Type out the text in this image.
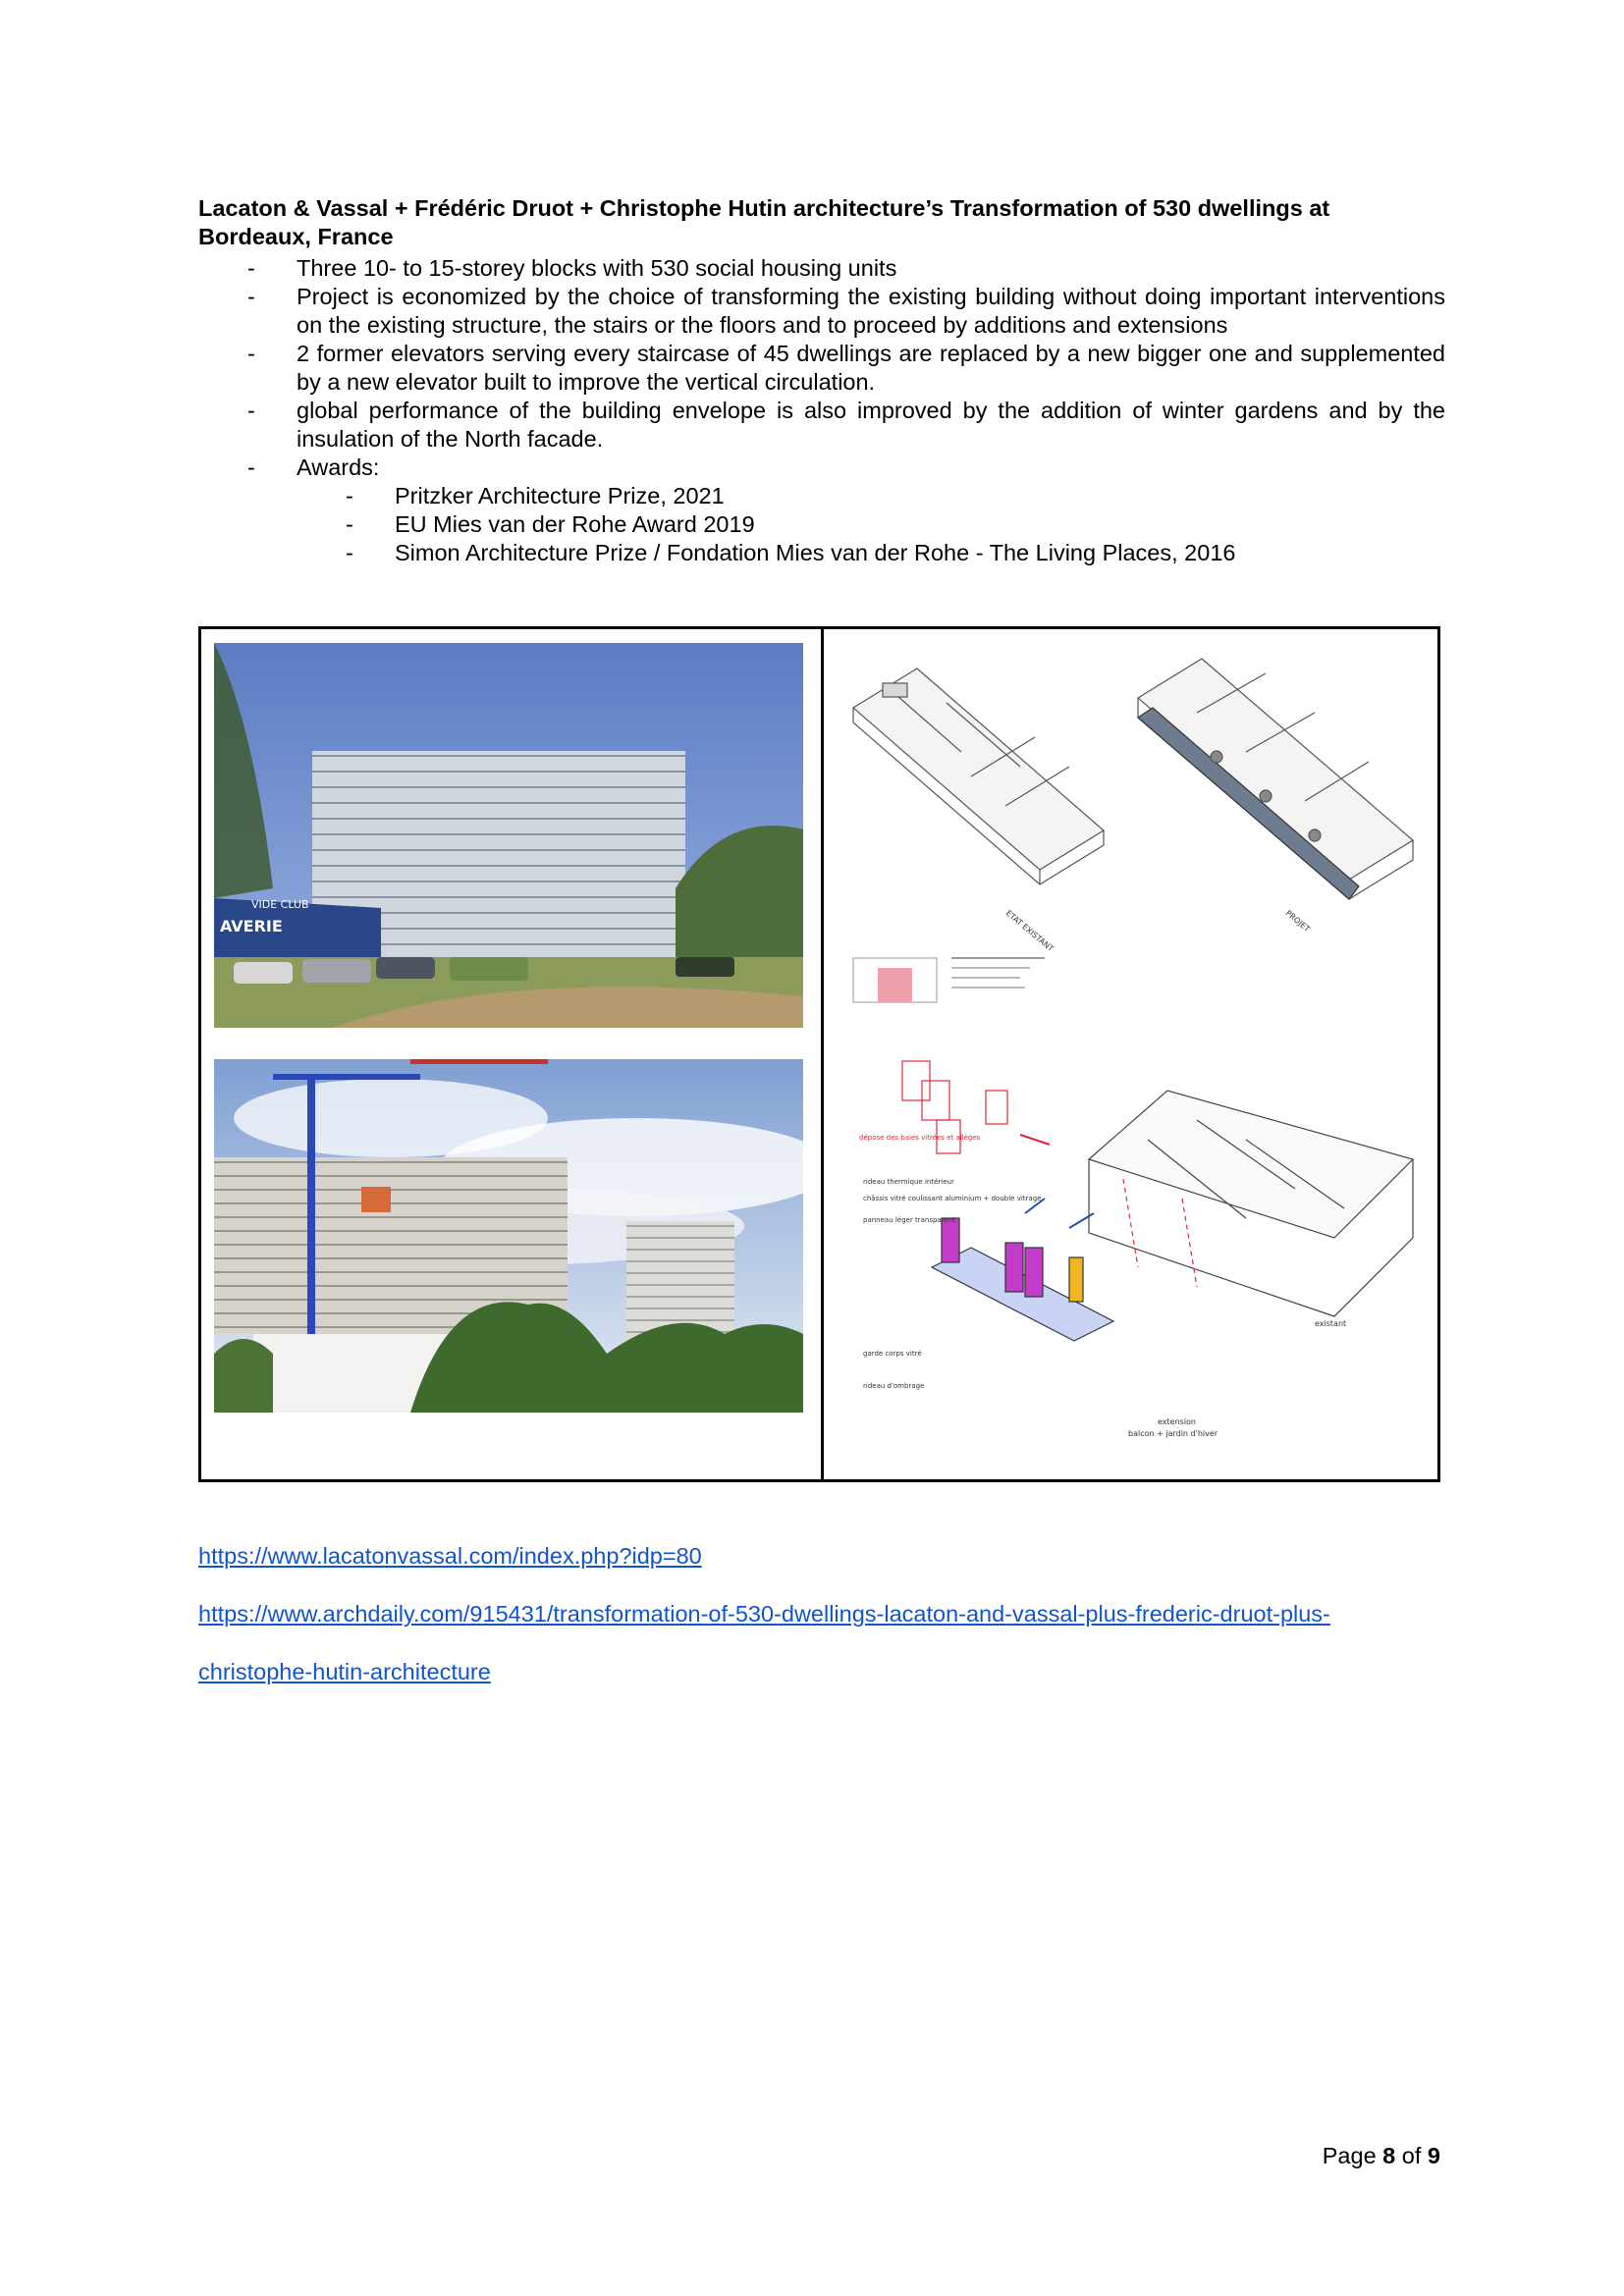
Lacaton & Vassal + Frédéric Druot + Christophe Hutin architecture’s Transformation of 530 dwellings at Bordeaux, France
- Three 10- to 15-storey blocks with 530 social housing units
- Project is economized by the choice of transforming the existing building without doing important interventions on the existing structure, the stairs or the floors and to proceed by additions and extensions
- 2 former elevators serving every staircase of 45 dwellings are replaced by a new bigger one and supplemented by a new elevator built to improve the vertical circulation.
- global performance of the building envelope is also improved by the addition of winter gardens and by the insulation of the North facade.
- Awards:
- Pritzker Architecture Prize, 2021
- EU Mies van der Rohe Award 2019
- Simon Architecture Prize / Fondation Mies van der Rohe - The Living Places, 2016
VIDE CLUB
AVERIE	ETAT EXISTANT	PROJET
dépose des baies vitrées et allèges
rideau thermique intérieur
châssis vitré coulissant aluminium + double vitrage
panneau léger transparent
garde corps vitré
rideau d'ombrage
existant
extension
balcon + jardin d'hiver
https://www.lacatonvassal.com/index.php?idp=80
https://www.archdaily.com/915431/transformation-of-530-dwellings-lacaton-and-vassal-plus-frederic-druot-plus-
christophe-hutin-architecture
Page 8 of 9
